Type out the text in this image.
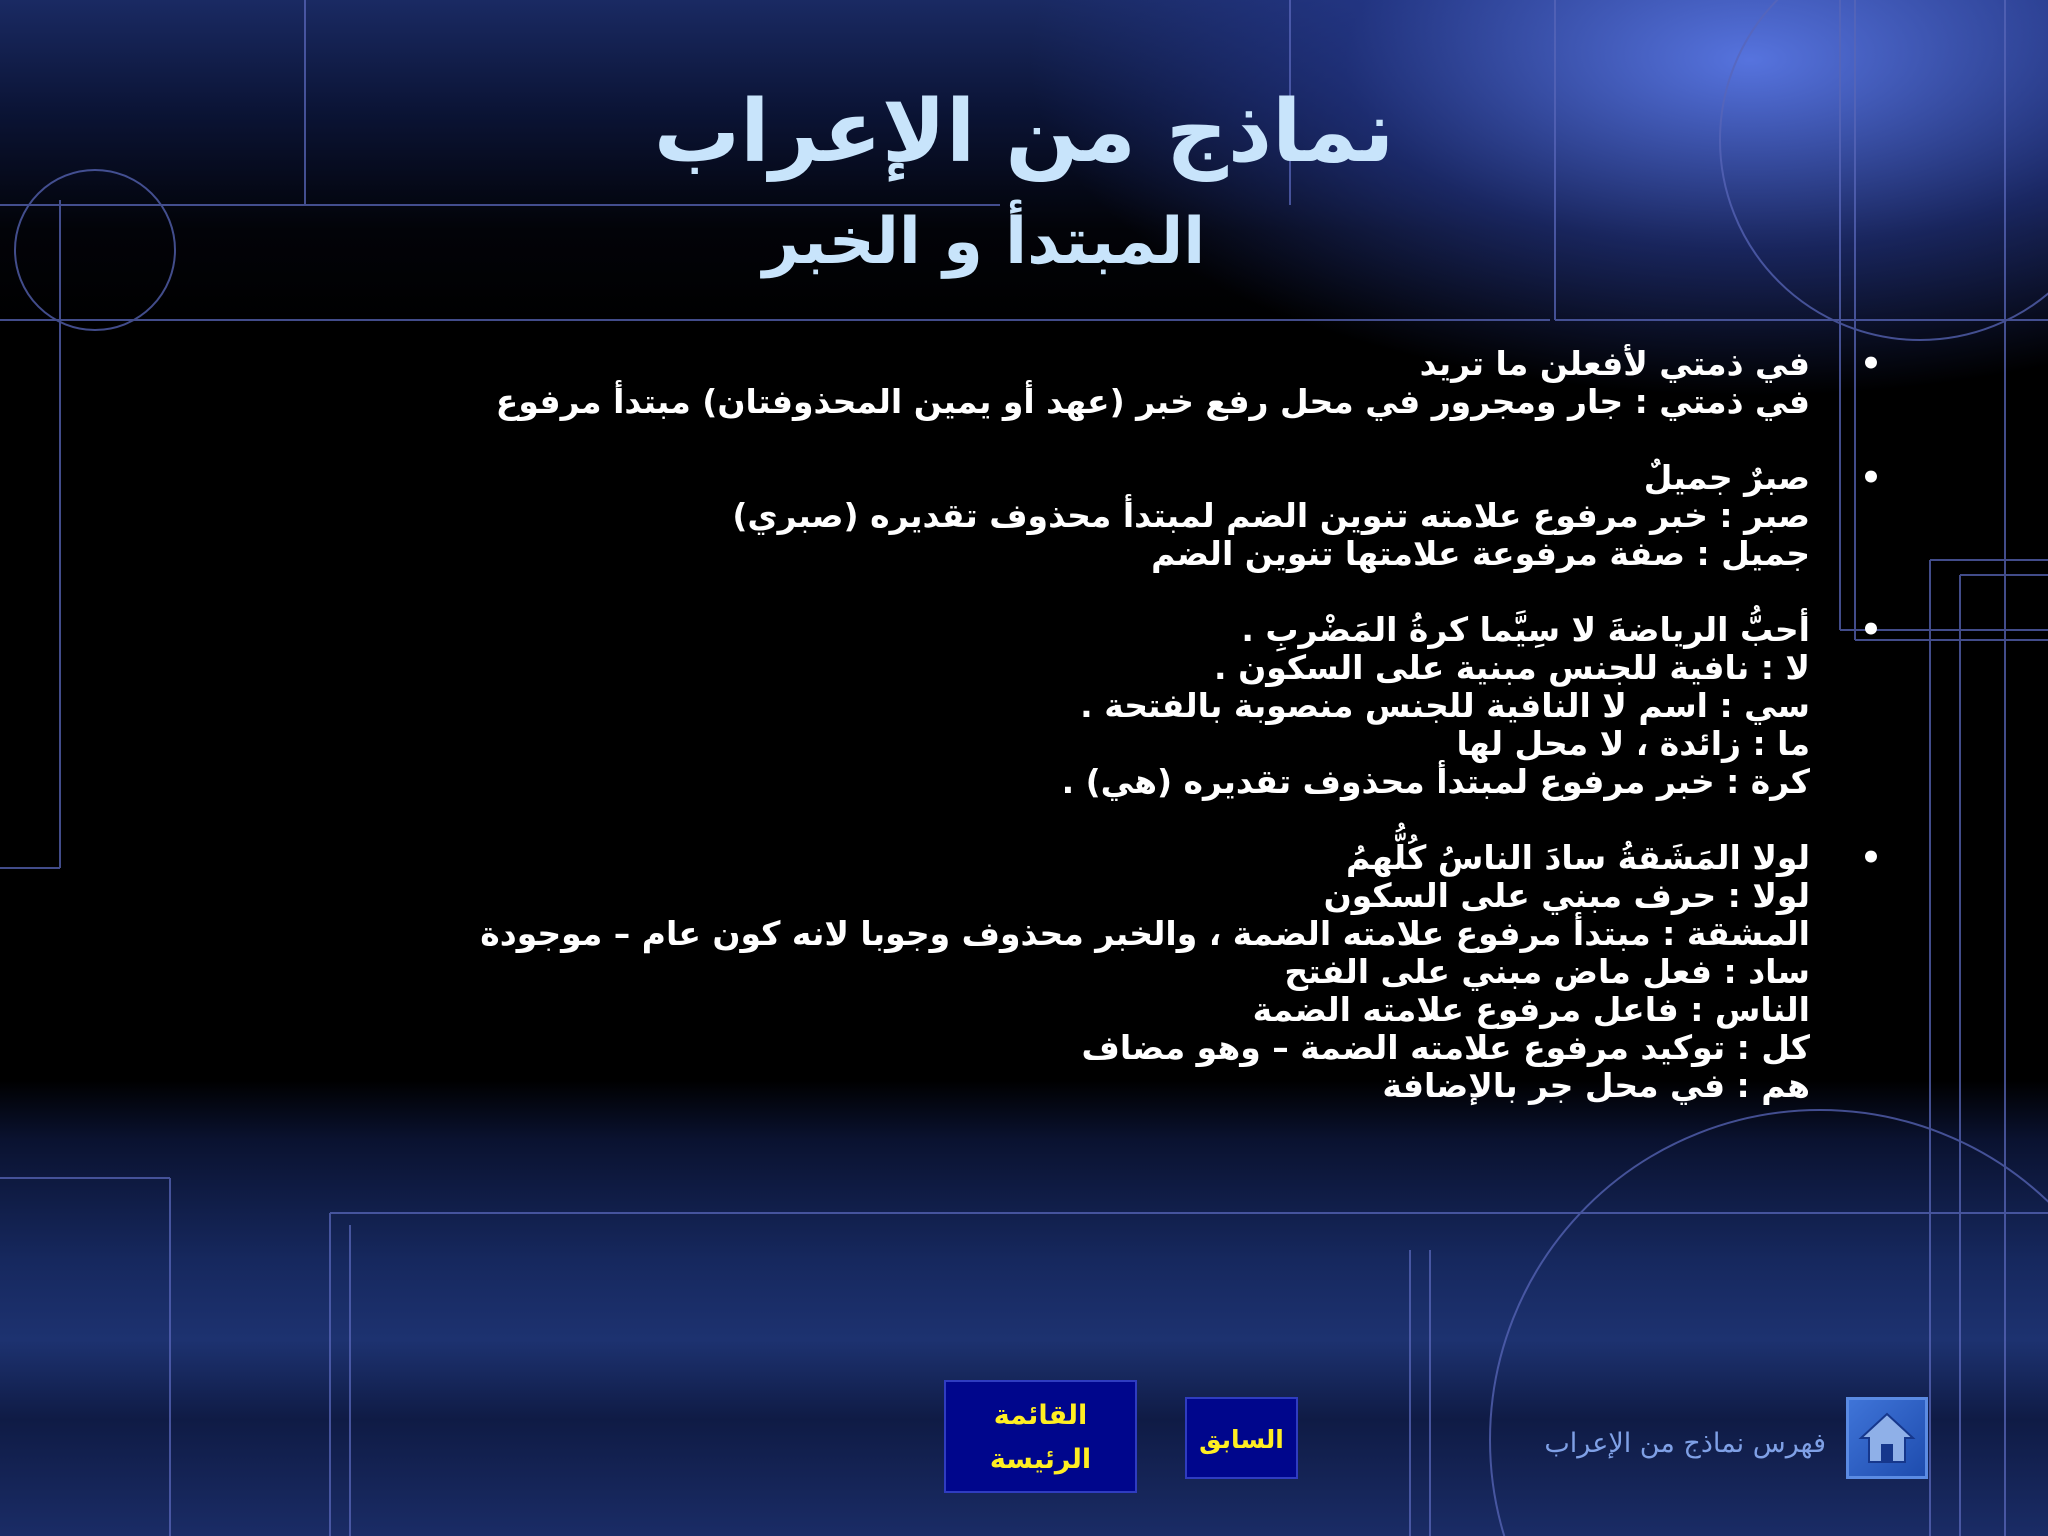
نماذج من الإعراب
المبتدأ و الخبر
•
في ذمتي لأفعلن ما تريد
في ذمتي : جار ومجرور في محل رفع خبر (عهد أو يمين المحذوفتان) مبتدأ مرفوع
•
صبرٌ جميلٌ
صبر : خبر مرفوع علامته تنوين الضم لمبتدأ محذوف تقديره (صبري)
جميل : صفة مرفوعة علامتها تنوين الضم
•
أحبُّ الرياضةَ لا سِيَّما كرةُ المَضْربِ .
لا : نافية للجنس مبنية على السكون .
سي : اسم لا النافية للجنس منصوبة بالفتحة .
ما : زائدة ، لا محل لها
كرة : خبر مرفوع لمبتدأ محذوف تقديره (هي) .
•
لولا المَشَقةُ سادَ الناسُ كُلُّهمُ
لولا : حرف مبني على السكون
المشقة : مبتدأ مرفوع علامته الضمة ، والخبر محذوف وجوبا لانه كون عام – موجودة
ساد : فعل ماض مبني على الفتح
الناس : فاعل مرفوع علامته الضمة
كل : توكيد مرفوع علامته الضمة – وهو مضاف
هم : في محل جر بالإضافة
القائمة
الرئيسة
السابق	فهرس نماذج من الإعراب
